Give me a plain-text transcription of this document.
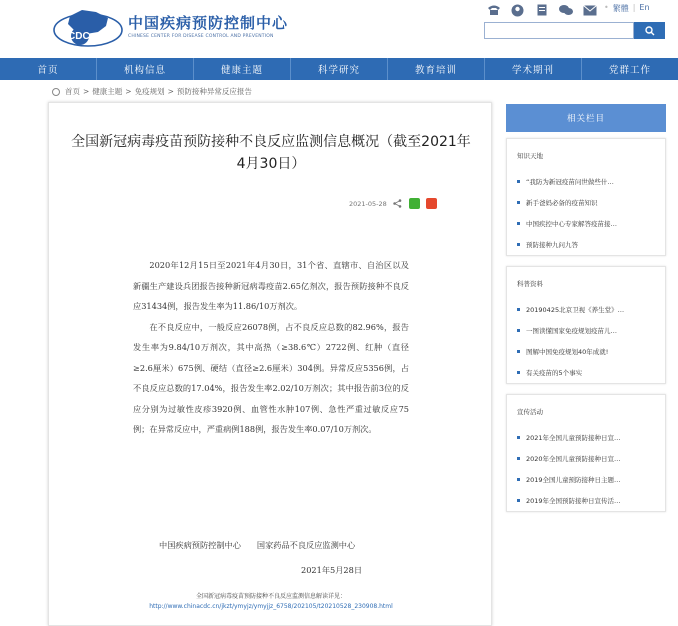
CDC
中国疾病预防控制中心
CHINESE CENTER FOR DISEASE CONTROL AND PREVENTION
• 繁體 | En
首页	机构信息	健康主题	科学研究	教育培训	学术期刊	党群工作
首页 > 健康主题 > 免疫规划 > 预防接种异常反应报告
全国新冠病毒疫苗预防接种不良反应监测信息概况（截至2021年4月30日）
2021-05-28

2020年12月15日至2021年4月30日，31个省、直辖市、自治区以及新疆生产建设兵团报告接种新冠病毒疫苗2.65亿剂次，报告预防接种不良反应31434例，报告发生率为11.86/10万剂次。

在不良反应中，一般反应26078例，占不良反应总数的82.96%，报告发生率为9.84/10万剂次，其中高热（≥38.6℃）2722例、红肿（直径≥2.6厘米）675例、硬结（直径≥2.6厘米）304例。异常反应5356例，占不良反应总数的17.04%，报告发生率2.02/10万剂次；其中报告前3位的反应分别为过敏性皮疹3920例、血管性水肿107例、急性严重过敏反应75例；在异常反应中，严重病例188例，报告发生率0.07/10万剂次。

中国疾病预防控制中心 国家药品不良反应监测中心
2021年5月28日
全国新冠病毒疫苗预防接种不良反应监测信息解读详见：
http://www.chinacdc.cn/jkzt/ymyjz/ymyjjz_6758/202105/t20210528_230908.html
相关栏目
知识天地
“我防为新冠疫苗问世做些什…
新手爸妈必备的疫苗知识
中国疾控中心专家解答疫苗接…
预防接种九问九答
科普资料
20190425北京卫视《养生堂》…
一图读懂国家免疫规划疫苗儿…
图解中国免疫规划40年成就!
有关疫苗的5个事实
宣传活动
2021年全国儿童预防接种日宣…
2020年全国儿童预防接种日宣…
2019全国儿童预防接种日主题…
2019年全国预防接种日宣传活…
